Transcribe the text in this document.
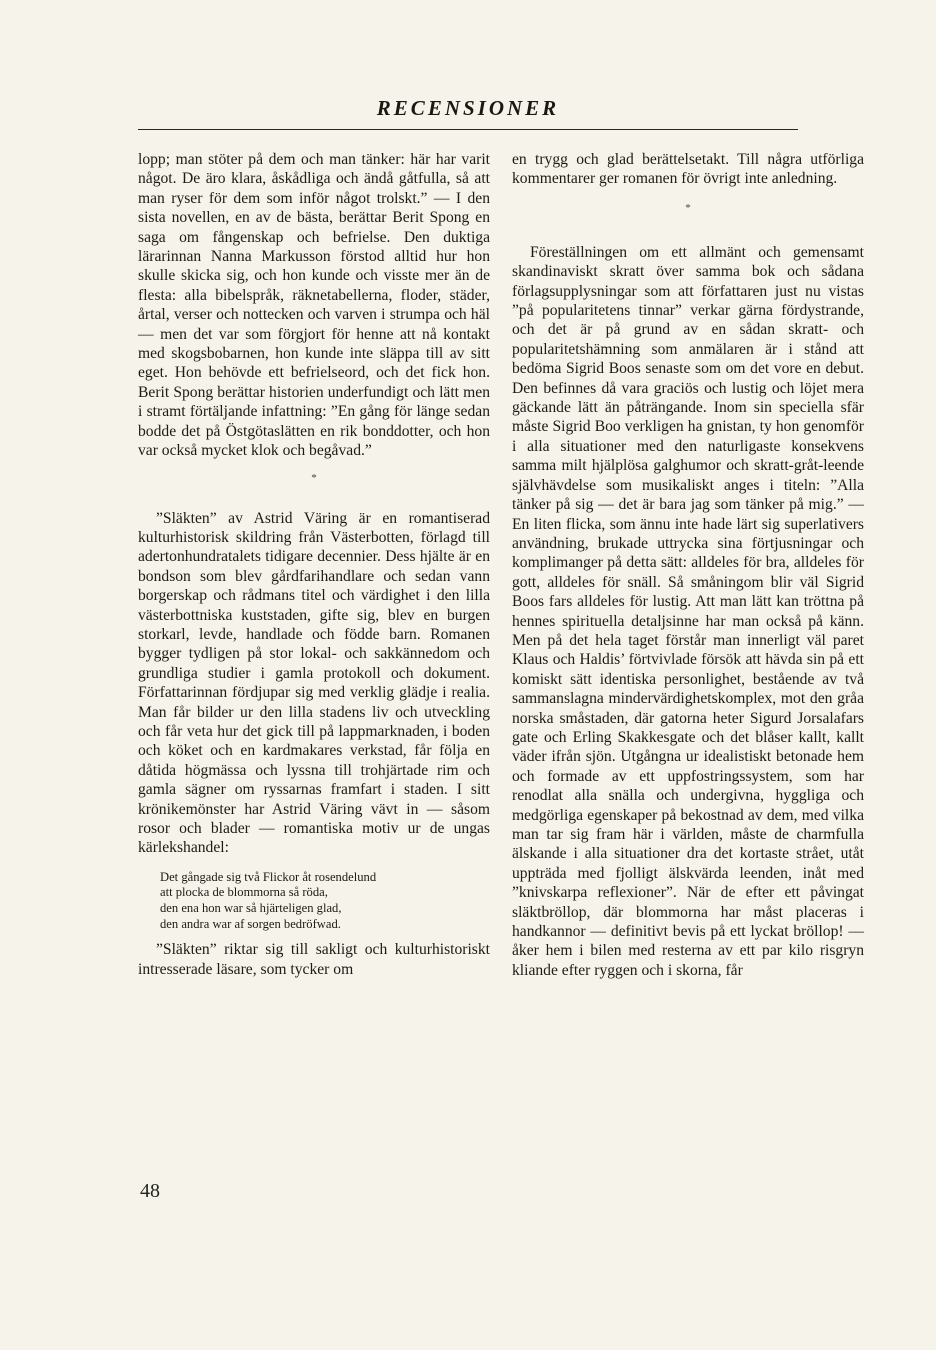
RECENSIONER

lopp; man stöter på dem och man tänker: här har varit något. De äro klara, åskådliga och ändå gåtfulla, så att man ryser för dem som inför något trolskt.” — I den sista novellen, en av de bästa, berättar Berit Spong en saga om fångenskap och befrielse. Den duktiga lärarinnan Nanna Markusson förstod alltid hur hon skulle skicka sig, och hon kunde och visste mer än de flesta: alla bibelspråk, räknetabellerna, floder, städer, årtal, verser och nottecken och varven i strumpa och häl — men det var som förgjort för henne att nå kontakt med skogsbobarnen, hon kunde inte släppa till av sitt eget. Hon behövde ett befrielseord, och det fick hon. Berit Spong berättar historien underfundigt och lätt men i stramt förtäljande infattning: ”En gång för länge sedan bodde det på Östgötaslätten en rik bonddotter, och hon var också mycket klok och begåvad.”

*

”Släkten” av Astrid Väring är en romantiserad kulturhistorisk skildring från Västerbotten, förlagd till adertonhundratalets tidigare decennier. Dess hjälte är en bondson som blev gårdfarihandlare och sedan vann borgerskap och rådmans titel och värdighet i den lilla västerbottniska kuststaden, gifte sig, blev en burgen storkarl, levde, handlade och födde barn. Romanen bygger tydligen på stor lokal- och sakkännedom och grundliga studier i gamla protokoll och dokument. Författarinnan fördjupar sig med verklig glädje i realia. Man får bilder ur den lilla stadens liv och utveckling och får veta hur det gick till på lappmarknaden, i boden och köket och en kardmakares verkstad, får följa en dåtida högmässa och lyssna till trohjärtade rim och gamla sägner om ryssarnas framfart i staden. I sitt krönikemönster har Astrid Väring vävt in — såsom rosor och blader — romantiska motiv ur de ungas kärlekshandel:

Det gångade sig två Flickor åt rosendelund
att plocka de blommorna så röda,
den ena hon war så hjärteligen glad,
den andra war af sorgen bedröfwad.

”Släkten” riktar sig till sakligt och kulturhistoriskt intresserade läsare, som tycker om

en trygg och glad berättelsetakt. Till några utförliga kommentarer ger romanen för övrigt inte anledning.

*

Föreställningen om ett allmänt och gemensamt skandinaviskt skratt över samma bok och sådana förlagsupplysningar som att författaren just nu vistas ”på popularitetens tinnar” verkar gärna fördystrande, och det är på grund av en sådan skratt- och popularitetshämning som anmälaren är i stånd att bedöma Sigrid Boos senaste som om det vore en debut. Den befinnes då vara graciös och lustig och löjet mera gäckande lätt än påträngande. Inom sin speciella sfär måste Sigrid Boo verkligen ha gnistan, ty hon genomför i alla situationer med den naturligaste konsekvens samma milt hjälplösa galghumor och skratt-gråt-leende självhävdelse som musikaliskt anges i titeln: ”Alla tänker på sig — det är bara jag som tänker på mig.” — En liten flicka, som ännu inte hade lärt sig superlativers användning, brukade uttrycka sina förtjusningar och komplimanger på detta sätt: alldeles för bra, alldeles för gott, alldeles för snäll. Så småningom blir väl Sigrid Boos fars alldeles för lustig. Att man lätt kan tröttna på hennes spirituella detaljsinne har man också på känn. Men på det hela taget förstår man innerligt väl paret Klaus och Haldis’ förtvivlade försök att hävda sin på ett komiskt sätt identiska personlighet, bestående av två sammanslagna mindervärdighetskomplex, mot den gråa norska småstaden, där gatorna heter Sigurd Jorsalafars gate och Erling Skakkesgate och det blåser kallt, kallt väder ifrån sjön. Utgångna ur idealistiskt betonade hem och formade av ett uppfostringssystem, som har renodlat alla snälla och undergivna, hyggliga och medgörliga egenskaper på bekostnad av dem, med vilka man tar sig fram här i världen, måste de charmfulla älskande i alla situationer dra det kortaste strået, utåt uppträda med fjolligt älskvärda leenden, inåt med ”knivskarpa reflexioner”. När de efter ett påvingat släktbröllop, där blommorna har måst placeras i handkannor — definitivt bevis på ett lyckat bröllop! — åker hem i bilen med resterna av ett par kilo risgryn kliande efter ryggen och i skorna, får

48
